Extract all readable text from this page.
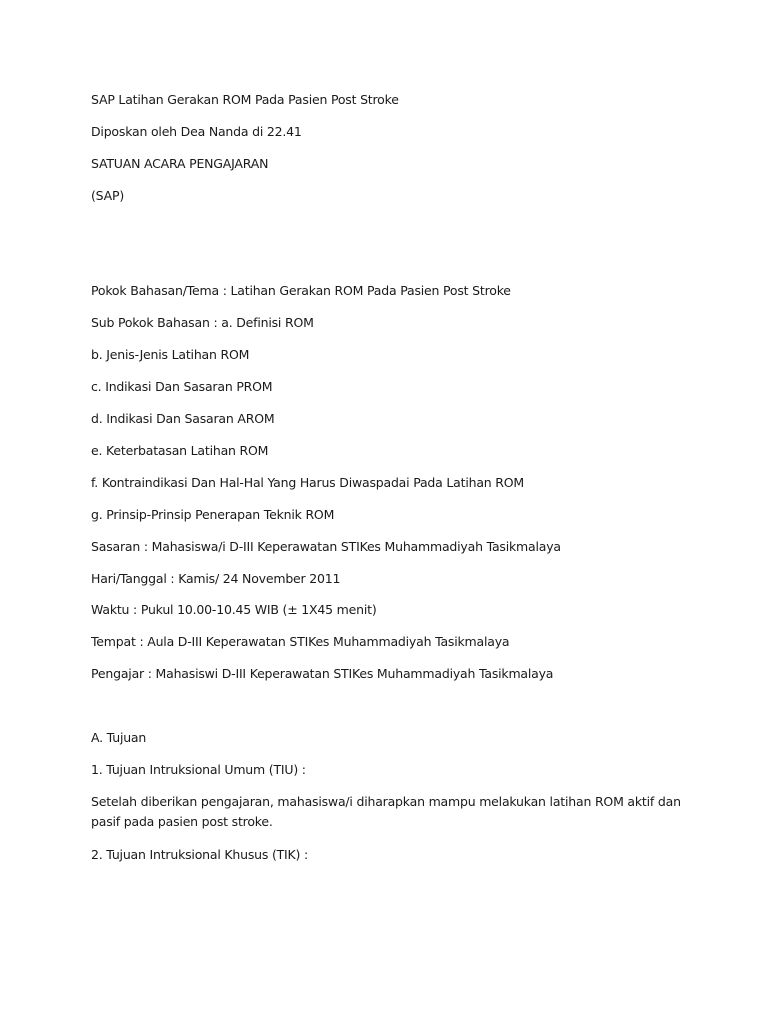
SAP Latihan Gerakan ROM Pada Pasien Post Stroke

Diposkan oleh Dea Nanda di 22.41

SATUAN ACARA PENGAJARAN

(SAP)

Pokok Bahasan/Tema : Latihan Gerakan ROM Pada Pasien Post Stroke

Sub Pokok Bahasan : a. Definisi ROM

b. Jenis-Jenis Latihan ROM

c. Indikasi Dan Sasaran PROM

d. Indikasi Dan Sasaran AROM

e. Keterbatasan Latihan ROM

f. Kontraindikasi Dan Hal-Hal Yang Harus Diwaspadai Pada Latihan ROM

g. Prinsip-Prinsip Penerapan Teknik ROM

Sasaran : Mahasiswa/i D-III Keperawatan STIKes Muhammadiyah Tasikmalaya

Hari/Tanggal : Kamis/ 24 November 2011

Waktu : Pukul 10.00-10.45 WIB (± 1X45 menit)

Tempat : Aula D-III Keperawatan STIKes Muhammadiyah Tasikmalaya

Pengajar : Mahasiswi D-III Keperawatan STIKes Muhammadiyah Tasikmalaya

A. Tujuan

1. Tujuan Intruksional Umum (TIU) :

Setelah diberikan pengajaran, mahasiswa/i diharapkan mampu melakukan latihan ROM aktif dan pasif pada pasien post stroke.

2. Tujuan Intruksional Khusus (TIK) :
